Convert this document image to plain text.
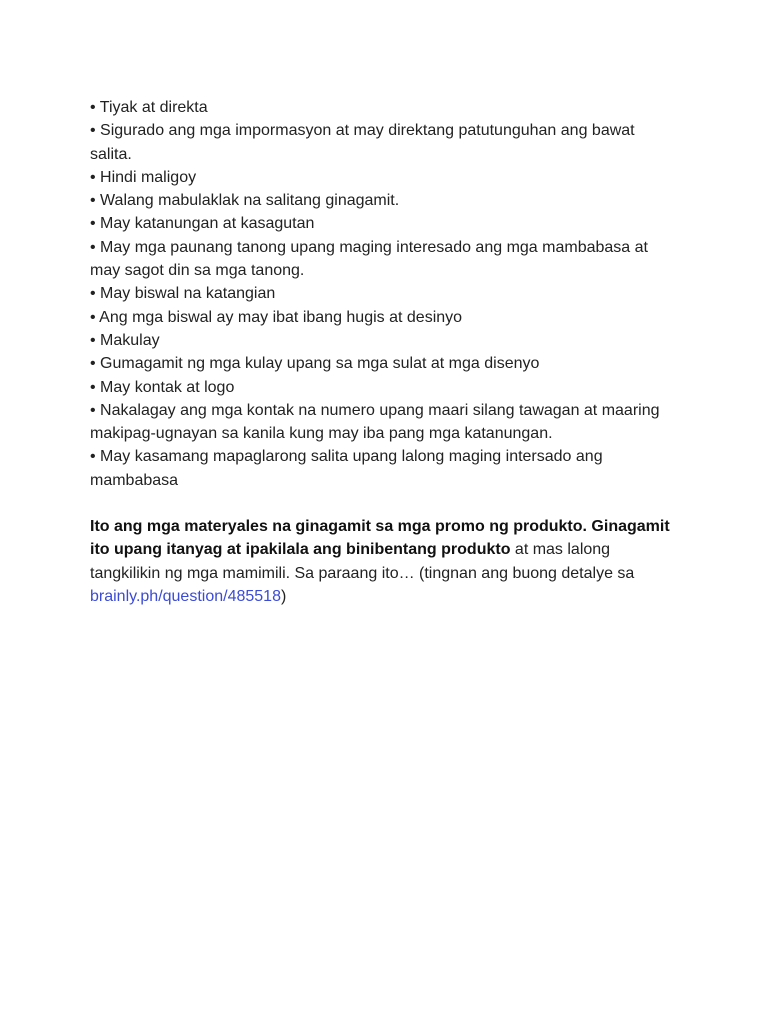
• Tiyak at direkta
• Sigurado ang mga impormasyon at may direktang patutunguhan ang bawat salita.
• Hindi maligoy
• Walang mabulaklak na salitang ginagamit.
• May katanungan at kasagutan
• May mga paunang tanong upang maging interesado ang mga mambabasa at may sagot din sa mga tanong.
• May biswal na katangian
• Ang mga biswal ay may ibat ibang hugis at desinyo
• Makulay
• Gumagamit ng mga kulay upang sa mga sulat at mga disenyo
• May kontak at logo
• Nakalagay ang mga kontak na numero upang maari silang tawagan at maaring makipag-ugnayan sa kanila kung may iba pang mga katanungan.
• May kasamang mapaglarong salita upang lalong maging intersado ang mambabasa

Ito ang mga materyales na ginagamit sa mga promo ng produkto. Ginagamit ito upang itanyag at ipakilala ang binibentang produkto at mas lalong tangkilikin ng mga mamimili. Sa paraang ito… (tingnan ang buong detalye sa brainly.ph/question/485518)
